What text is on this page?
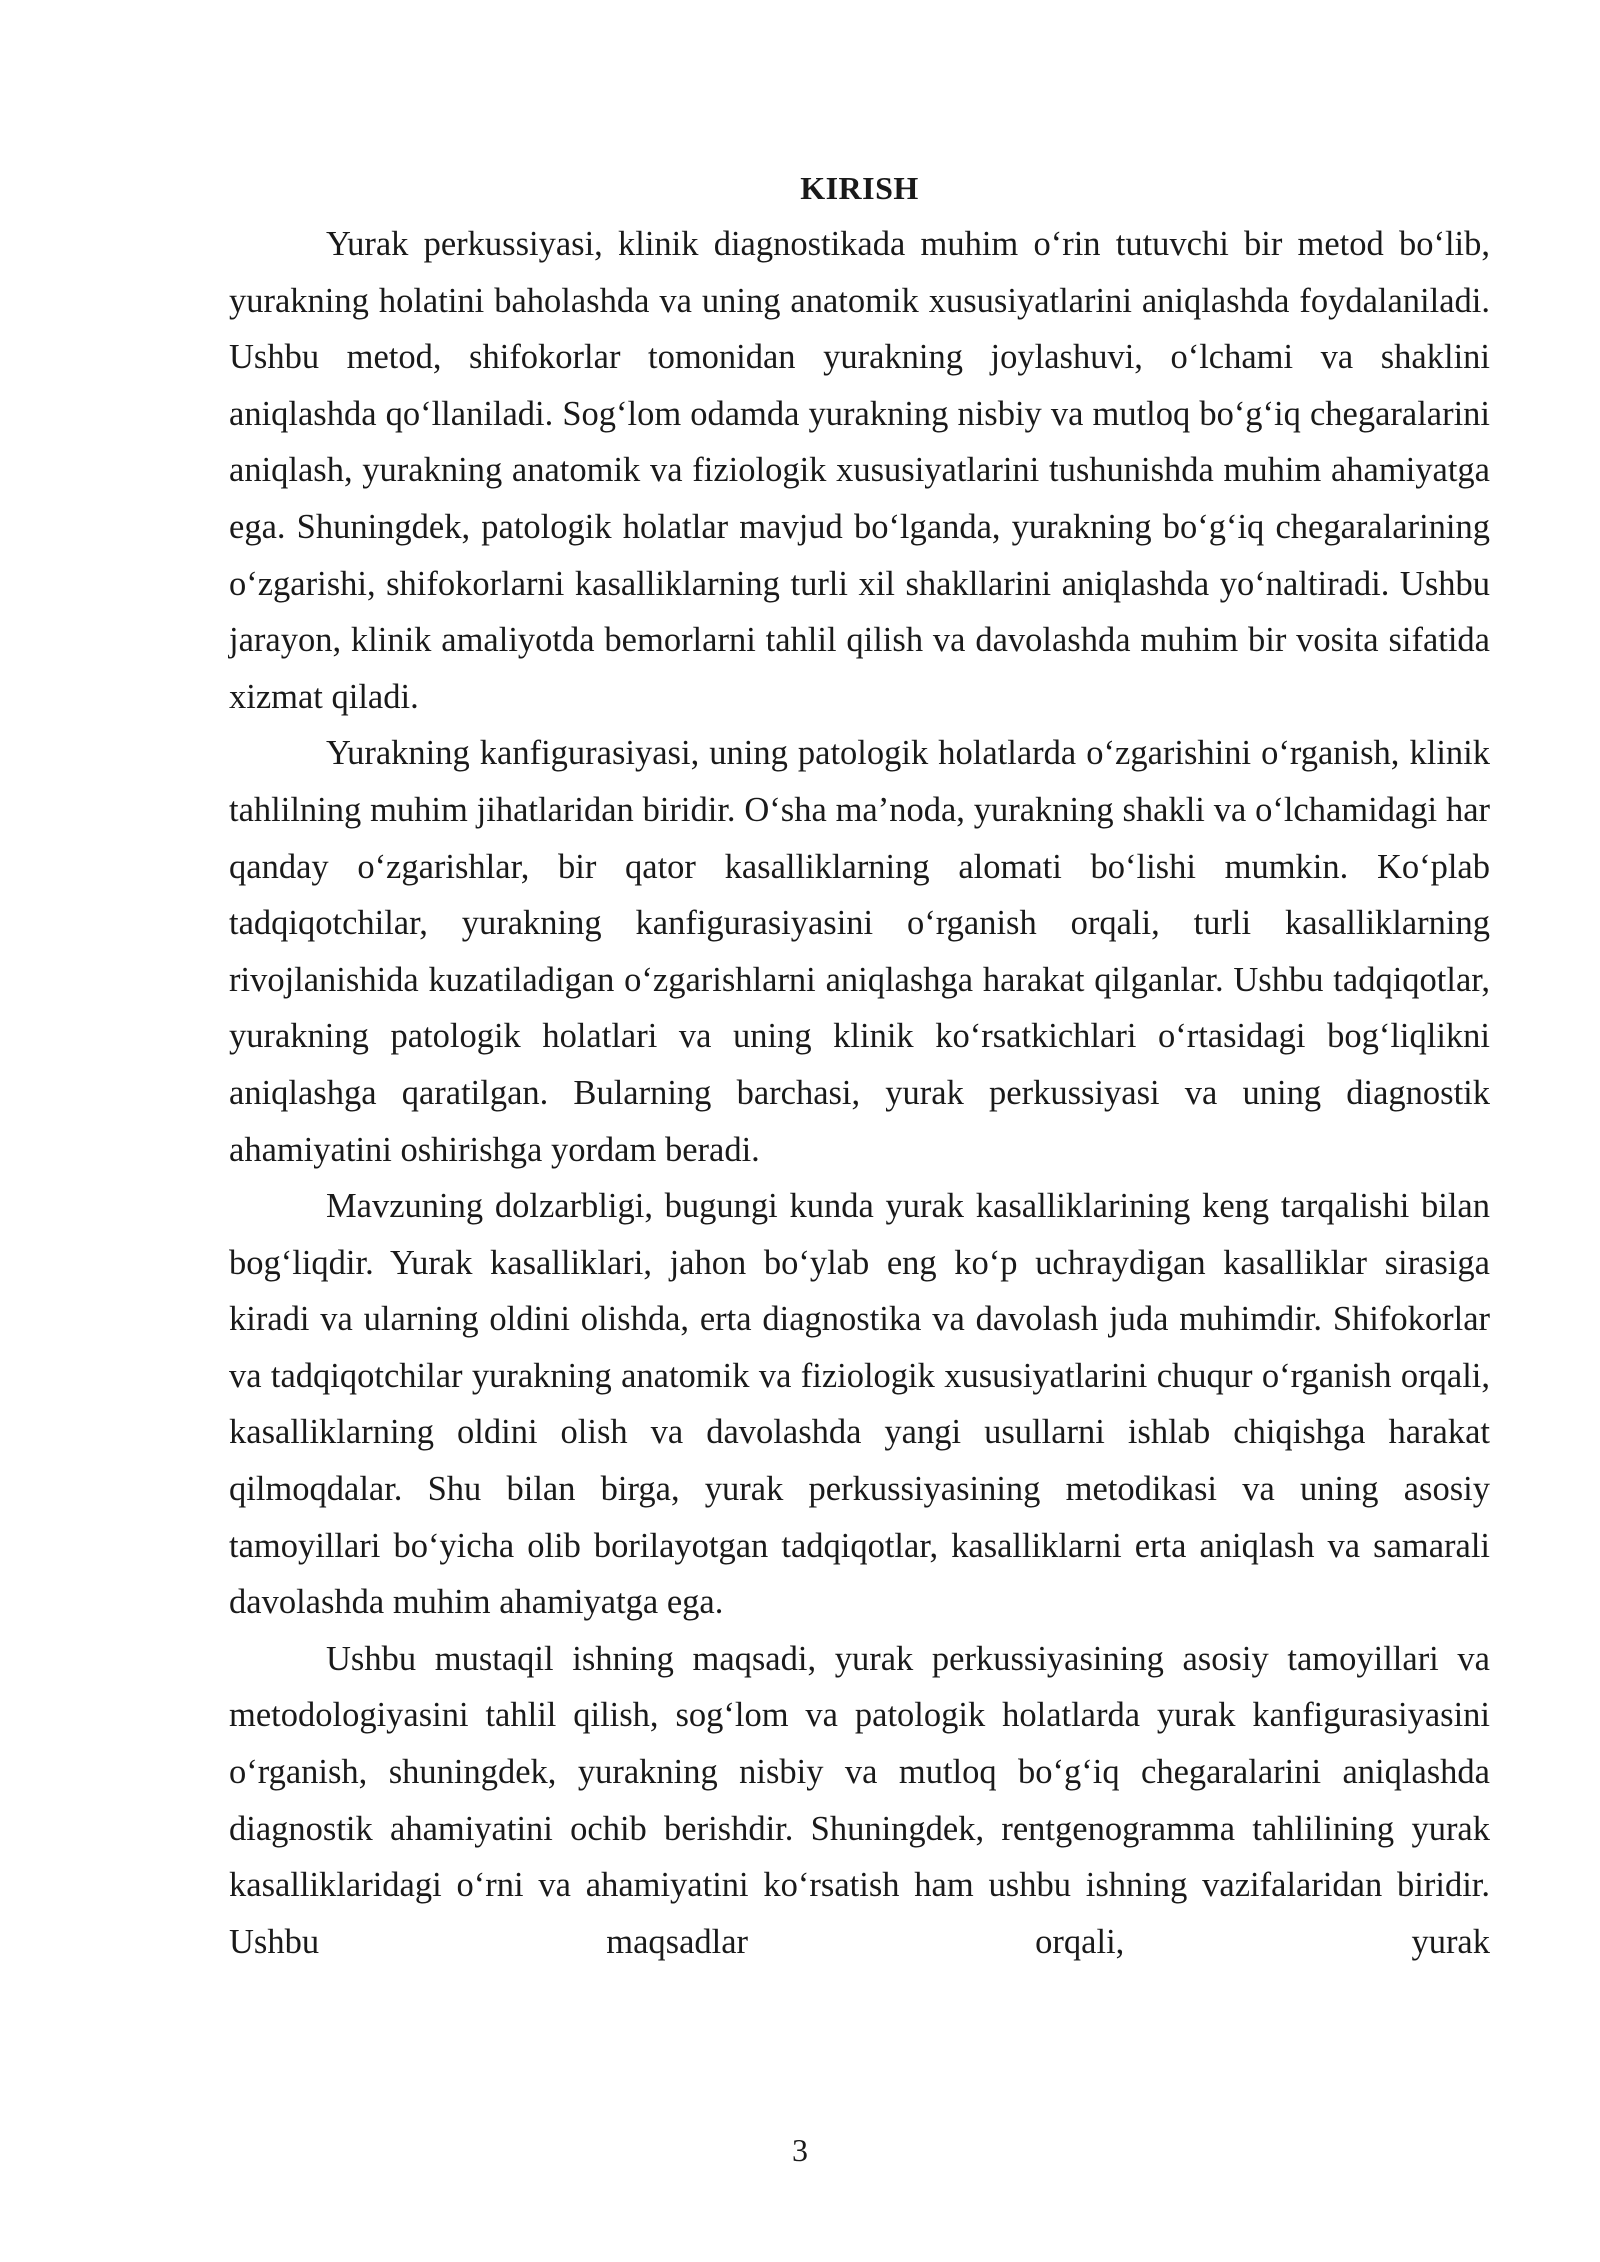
KIRISH

Yurak perkussiyasi, klinik diagnostikada muhim o‘rin tutuvchi bir metod bo‘lib, yurakning holatini baholashda va uning anatomik xususiyatlarini aniqlashda foydalaniladi. Ushbu metod, shifokorlar tomonidan yurakning joylashuvi, o‘lchami va shaklini aniqlashda qo‘llaniladi. Sog‘lom odamda yurakning nisbiy va mutloq bo‘g‘iq chegaralarini aniqlash, yurakning anatomik va fiziologik xususiyatlarini tushunishda muhim ahamiyatga ega. Shuningdek, patologik holatlar mavjud bo‘lganda, yurakning bo‘g‘iq chegaralarining o‘zgarishi, shifokorlarni kasalliklarning turli xil shakllarini aniqlashda yo‘naltiradi. Ushbu jarayon, klinik amaliyotda bemorlarni tahlil qilish va davolashda muhim bir vosita sifatida xizmat qiladi.

Yurakning kanfigurasiyasi, uning patologik holatlarda o‘zgarishini o‘rganish, klinik tahlilning muhim jihatlaridan biridir. O‘sha ma’noda, yurakning shakli va o‘lchamidagi har qanday o‘zgarishlar, bir qator kasalliklarning alomati bo‘lishi mumkin. Ko‘plab tadqiqotchilar, yurakning kanfigurasiyasini o‘rganish orqali, turli kasalliklarning rivojlanishida kuzatiladigan o‘zgarishlarni aniqlashga harakat qilganlar. Ushbu tadqiqotlar, yurakning patologik holatlari va uning klinik ko‘rsatkichlari o‘rtasidagi bog‘liqlikni aniqlashga qaratilgan. Bularning barchasi, yurak perkussiyasi va uning diagnostik ahamiyatini oshirishga yordam beradi.

Mavzuning dolzarbligi, bugungi kunda yurak kasalliklarining keng tarqalishi bilan bog‘liqdir. Yurak kasalliklari, jahon bo‘ylab eng ko‘p uchraydigan kasalliklar sirasiga kiradi va ularning oldini olishda, erta diagnostika va davolash juda muhimdir. Shifokorlar va tadqiqotchilar yurakning anatomik va fiziologik xususiyatlarini chuqur o‘rganish orqali, kasalliklarning oldini olish va davolashda yangi usullarni ishlab chiqishga harakat qilmoqdalar. Shu bilan birga, yurak perkussiyasining metodikasi va uning asosiy tamoyillari bo‘yicha olib borilayotgan tadqiqotlar, kasalliklarni erta aniqlash va samarali davolashda muhim ahamiyatga ega.

Ushbu mustaqil ishning maqsadi, yurak perkussiyasining asosiy tamoyillari va metodologiyasini tahlil qilish, sog‘lom va patologik holatlarda yurak kanfigurasiyasini o‘rganish, shuningdek, yurakning nisbiy va mutloq bo‘g‘iq chegaralarini aniqlashda diagnostik ahamiyatini ochib berishdir. Shuningdek, rentgenogramma tahlilining yurak kasalliklaridagi o‘rni va ahamiyatini ko‘rsatish ham ushbu ishning vazifalaridan biridir. Ushbu maqsadlar orqali, yurak

3
